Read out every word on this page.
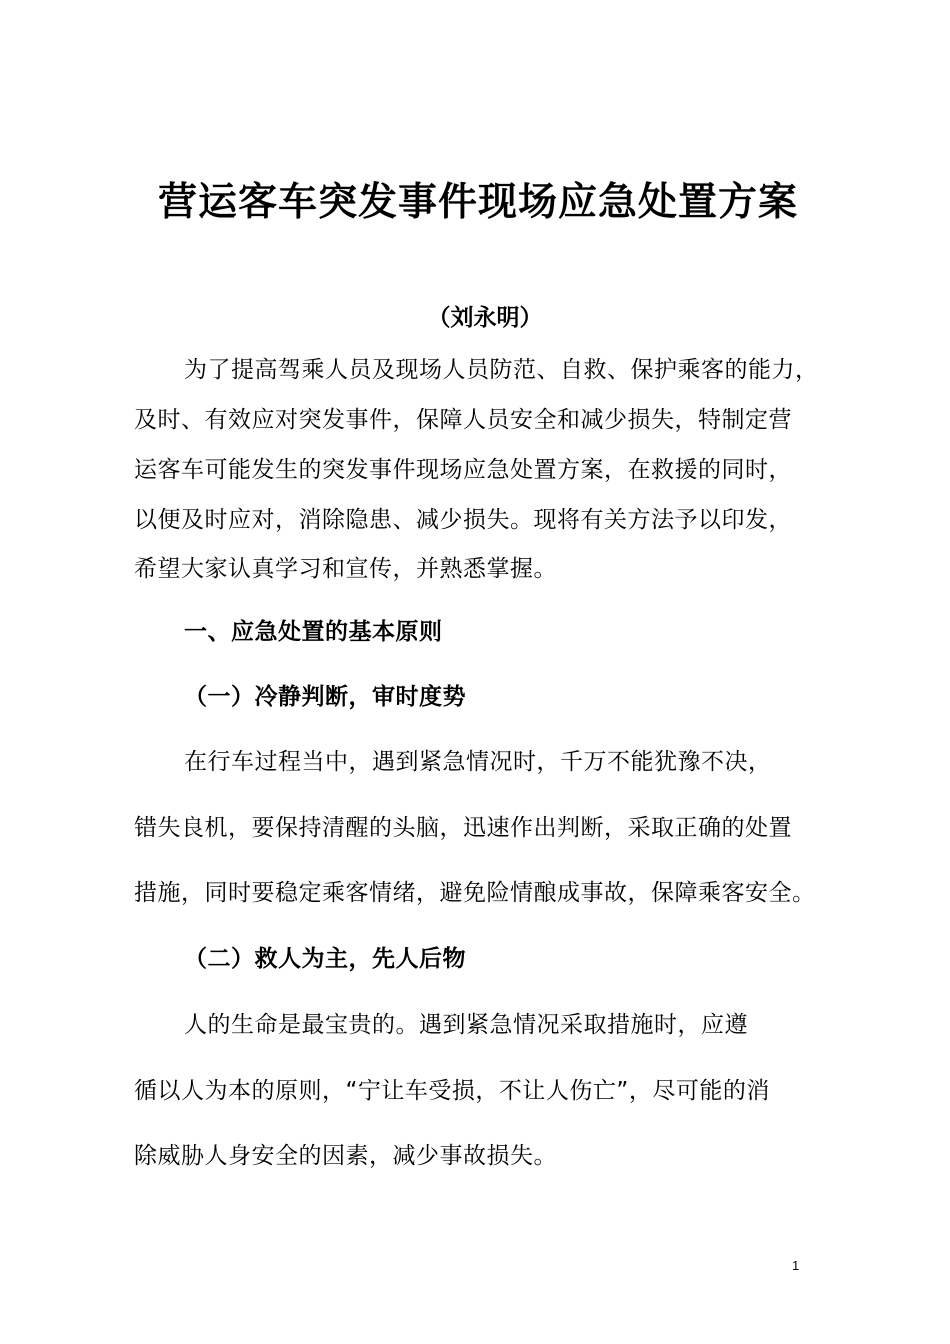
营运客车突发事件现场应急处置方案
（刘永明）
为了提高驾乘人员及现场人员防范、自救、保护乘客的能力，
及时、有效应对突发事件，保障人员安全和减少损失，特制定营
运客车可能发生的突发事件现场应急处置方案，在救援的同时，
以便及时应对，消除隐患、减少损失。现将有关方法予以印发，
希望大家认真学习和宣传，并熟悉掌握。
一、应急处置的基本原则
（一）冷静判断，审时度势
在行车过程当中，遇到紧急情况时，千万不能犹豫不决，
错失良机，要保持清醒的头脑，迅速作出判断，采取正确的处置
措施，同时要稳定乘客情绪，避免险情酿成事故，保障乘客安全。
（二）救人为主，先人后物
人的生命是最宝贵的。遇到紧急情况采取措施时，应遵
循以人为本的原则，“宁让车受损，不让人伤亡”，尽可能的消
除威胁人身安全的因素，减少事故损失。
1
